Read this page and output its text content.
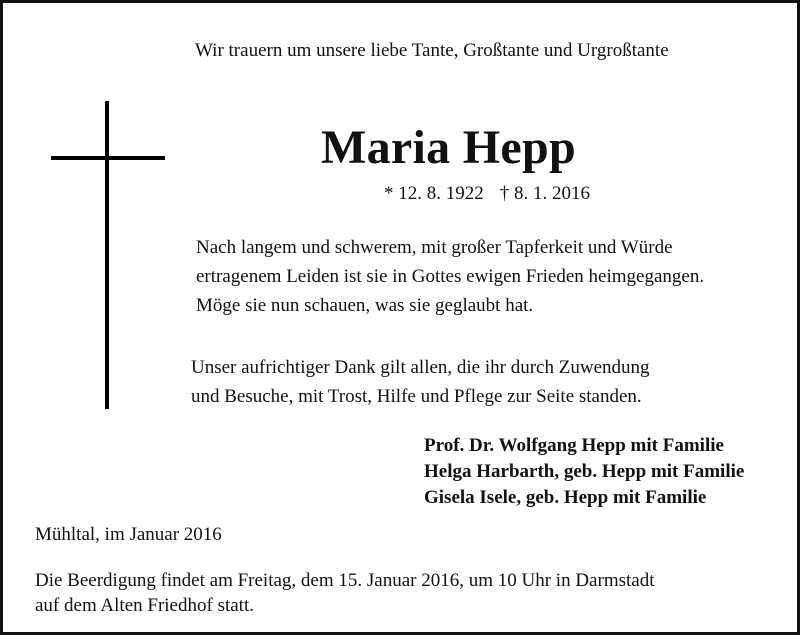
Wir trauern um unsere liebe Tante, Großtante und Urgroßtante
Maria Hepp
* 12. 8. 1922 † 8. 1. 2016
Nach langem und schwerem, mit großer Tapferkeit und Würde
ertragenem Leiden ist sie in Gottes ewigen Frieden heimgegangen.
Möge sie nun schauen, was sie geglaubt hat.
Unser aufrichtiger Dank gilt allen, die ihr durch Zuwendung
und Besuche, mit Trost, Hilfe und Pflege zur Seite standen.
Prof. Dr. Wolfgang Hepp mit Familie
Helga Harbarth, geb. Hepp mit Familie
Gisela Isele, geb. Hepp mit Familie
Mühltal, im Januar 2016
Die Beerdigung findet am Freitag, dem 15. Januar 2016, um 10 Uhr in Darmstadt
auf dem Alten Friedhof statt.
